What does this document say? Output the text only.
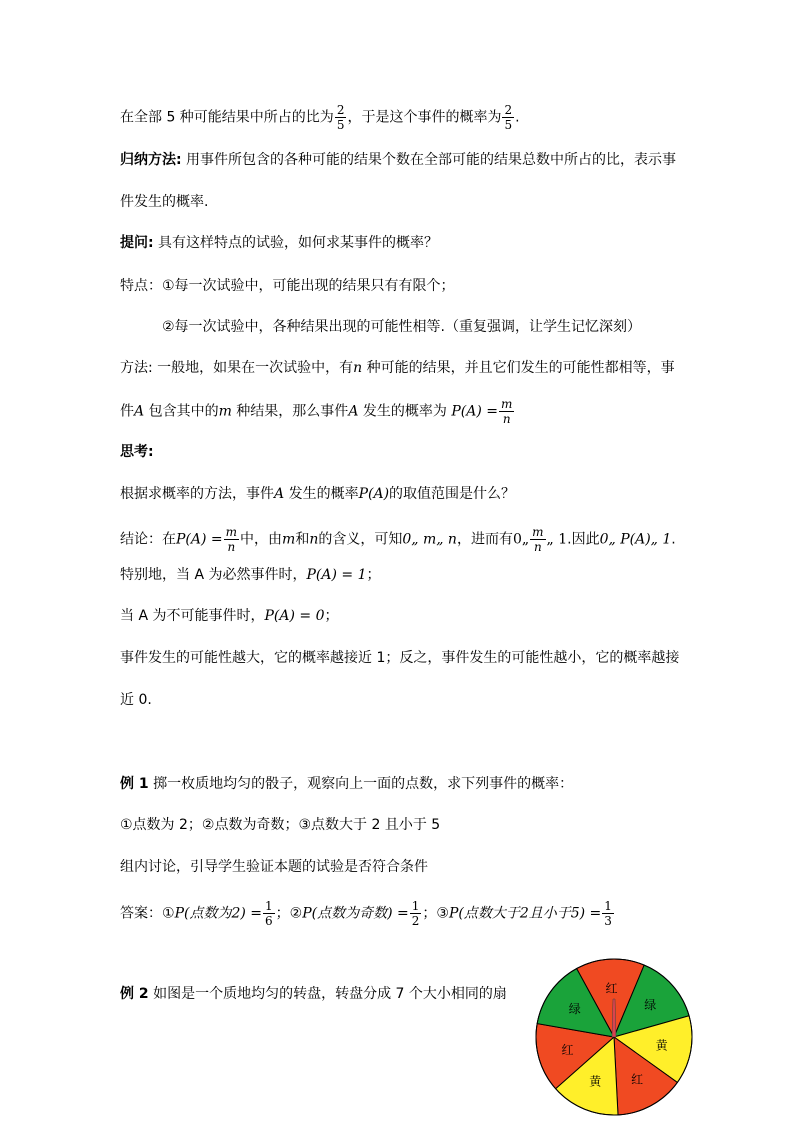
在全部 5 种可能结果中所占的比为 $\frac{2}{5}$ ，于是这个事件的概率为 $\frac{2}{5}$ .
归纳方法: 用事件所包含的各种可能的结果个数在全部可能的结果总数中所占的比，表示事
件发生的概率.
提问: 具有这样特点的试验，如何求某事件的概率？
特点：①每一次试验中，可能出现的结果只有有限个；
②每一次试验中，各种结果出现的可能性相等.（重复强调，让学生记忆深刻）
方法: 一般地，如果在一次试验中，有n 种可能的结果，并且它们发生的可能性都相等，事
件A 包含其中的m 种结果，那么事件A 发生的概率为 $P(A) = \frac{m}{n}$
思考:
根据求概率的方法，事件A 发生的概率P(A)的取值范围是什么？
结论：在$P(A) = \frac{m}{n}$ 中，由m和n的含义，可知0„ m„ n，进而有0„ $\frac{m}{n}$ „ 1.因此0„ P(A)„ 1.
特别地，当 A 为必然事件时，P(A) = 1；
当 A 为不可能事件时，P(A) = 0；
事件发生的可能性越大，它的概率越接近 1；反之，事件发生的可能性越小，它的概率越接
近 0.
例 1 掷一枚质地均匀的骰子，观察向上一面的点数，求下列事件的概率：
①点数为 2；②点数为奇数；③点数大于 2 且小于 5
组内讨论，引导学生验证本题的试验是否符合条件
答案：①P(点数为$2) = \frac{1}{6}$ ；②P(点数为奇数) = $\frac{1}{2}$ ；③P(点数大于2且小于$5) = \frac{1}{3}$
例 2 如图是一个质地均匀的转盘，转盘分成 7 个大小相同的扇	红
绿
黄
红
黄
红
绿
